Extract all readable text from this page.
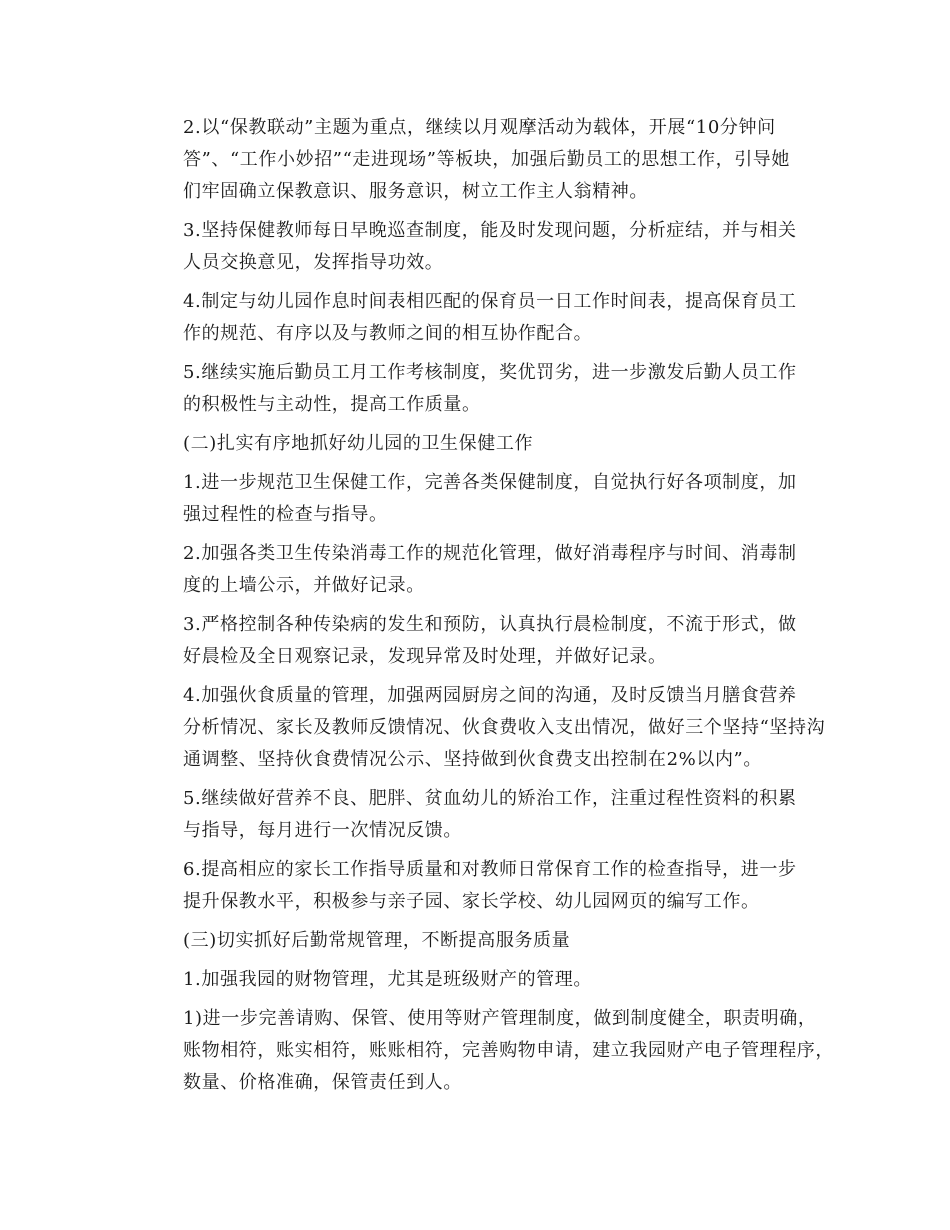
2.以“保教联动”主题为重点，继续以月观摩活动为载体，开展“10分钟问
答”、“工作小妙招”“走进现场”等板块，加强后勤员工的思想工作，引导她
们牢固确立保教意识、服务意识，树立工作主人翁精神。

3.坚持保健教师每日早晚巡查制度，能及时发现问题，分析症结，并与相关
人员交换意见，发挥指导功效。

4.制定与幼儿园作息时间表相匹配的保育员一日工作时间表，提高保育员工
作的规范、有序以及与教师之间的相互协作配合。

5.继续实施后勤员工月工作考核制度，奖优罚劣，进一步激发后勤人员工作
的积极性与主动性，提高工作质量。

(二)扎实有序地抓好幼儿园的卫生保健工作

1.进一步规范卫生保健工作，完善各类保健制度，自觉执行好各项制度，加
强过程性的检查与指导。

2.加强各类卫生传染消毒工作的规范化管理，做好消毒程序与时间、消毒制
度的上墙公示，并做好记录。

3.严格控制各种传染病的发生和预防，认真执行晨检制度，不流于形式，做
好晨检及全日观察记录，发现异常及时处理，并做好记录。

4.加强伙食质量的管理，加强两园厨房之间的沟通，及时反馈当月膳食营养
分析情况、家长及教师反馈情况、伙食费收入支出情况，做好三个坚持“坚持沟
通调整、坚持伙食费情况公示、坚持做到伙食费支出控制在2%以内”。

5.继续做好营养不良、肥胖、贫血幼儿的矫治工作，注重过程性资料的积累
与指导，每月进行一次情况反馈。

6.提高相应的家长工作指导质量和对教师日常保育工作的检查指导，进一步
提升保教水平，积极参与亲子园、家长学校、幼儿园网页的编写工作。

(三)切实抓好后勤常规管理，不断提高服务质量

1.加强我园的财物管理，尤其是班级财产的管理。

1)进一步完善请购、保管、使用等财产管理制度，做到制度健全，职责明确，
账物相符，账实相符，账账相符，完善购物申请，建立我园财产电子管理程序，
数量、价格准确，保管责任到人。
